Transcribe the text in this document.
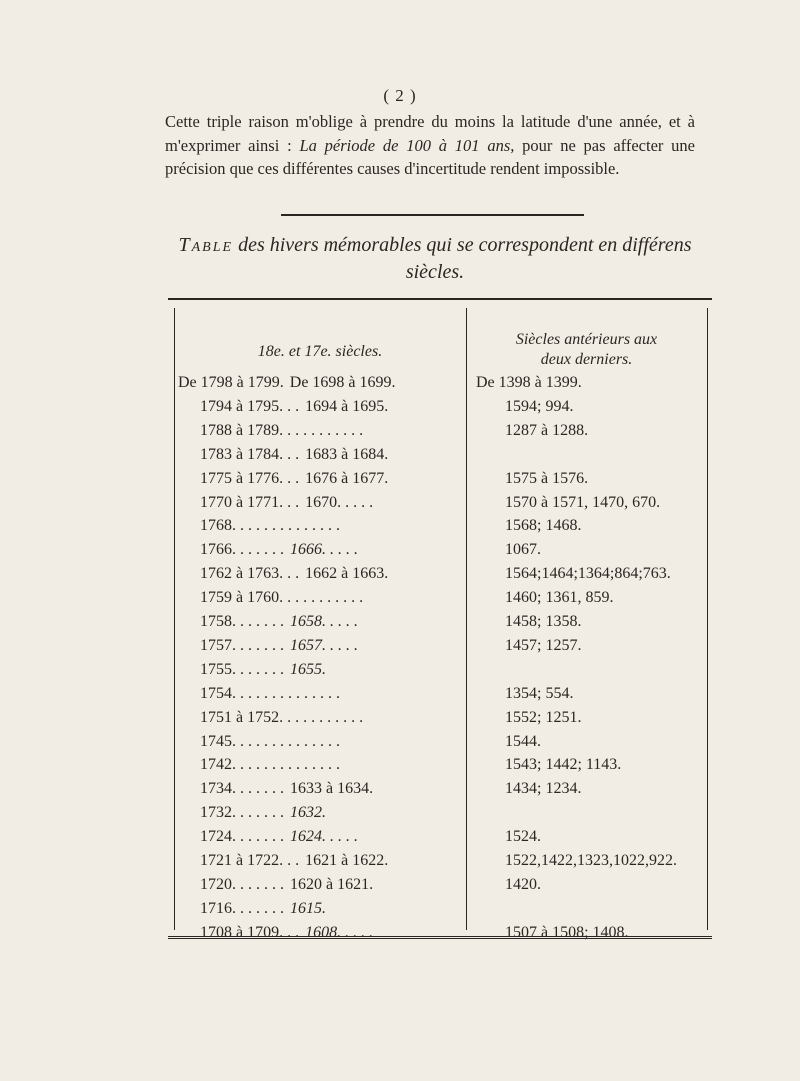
( 2 )

Cette triple raison m'oblige à prendre du moins la latitude d'une année, et à m'exprimer ainsi : La période de 100 à 101 ans, pour ne pas affecter une précision que ces différentes causes d'incertitude rendent impossible.

Table des hivers mémorables qui se correspondent en différens siècles.
18e. et 17e. siècles.
Siècles antérieurs aux
deux derniers.
De 1798 à 1799. De 1698 à 1699.	De 1398 à 1399.
1794 à 1795. . . 1694 à 1695.	1594; 994.
1788 à 1789. . . . . . . . . . .	1287 à 1288.
1783 à 1784. . . 1683 à 1684.
1775 à 1776. . . 1676 à 1677.	1575 à 1576.
1770 à 1771. . . 1670. . . . .	1570 à 1571, 1470, 670.
1768. . . . . . . . . . . . . .	1568; 1468.
1766. . . . . . . 1666. . . . .	1067.
1762 à 1763. . . 1662 à 1663.	1564;1464;1364;864;763.
1759 à 1760. . . . . . . . . . .	1460; 1361, 859.
1758. . . . . . . 1658. . . . .	1458; 1358.
1757. . . . . . . 1657. . . . .	1457; 1257.
1755. . . . . . . 1655.
1754. . . . . . . . . . . . . .	1354; 554.
1751 à 1752. . . . . . . . . . .	1552; 1251.
1745. . . . . . . . . . . . . .	1544.
1742. . . . . . . . . . . . . .	1543; 1442; 1143.
1734. . . . . . . 1633 à 1634.	1434; 1234.
1732. . . . . . . 1632.
1724. . . . . . . 1624. . . . .	1524.
1721 à 1722. . . 1621 à 1622.	1522,1422,1323,1022,922.
1720. . . . . . . 1620 à 1621.	1420.
1716. . . . . . . 1615.
1708 à 1709. . . 1608. . . . .	1507 à 1508; 1408.
